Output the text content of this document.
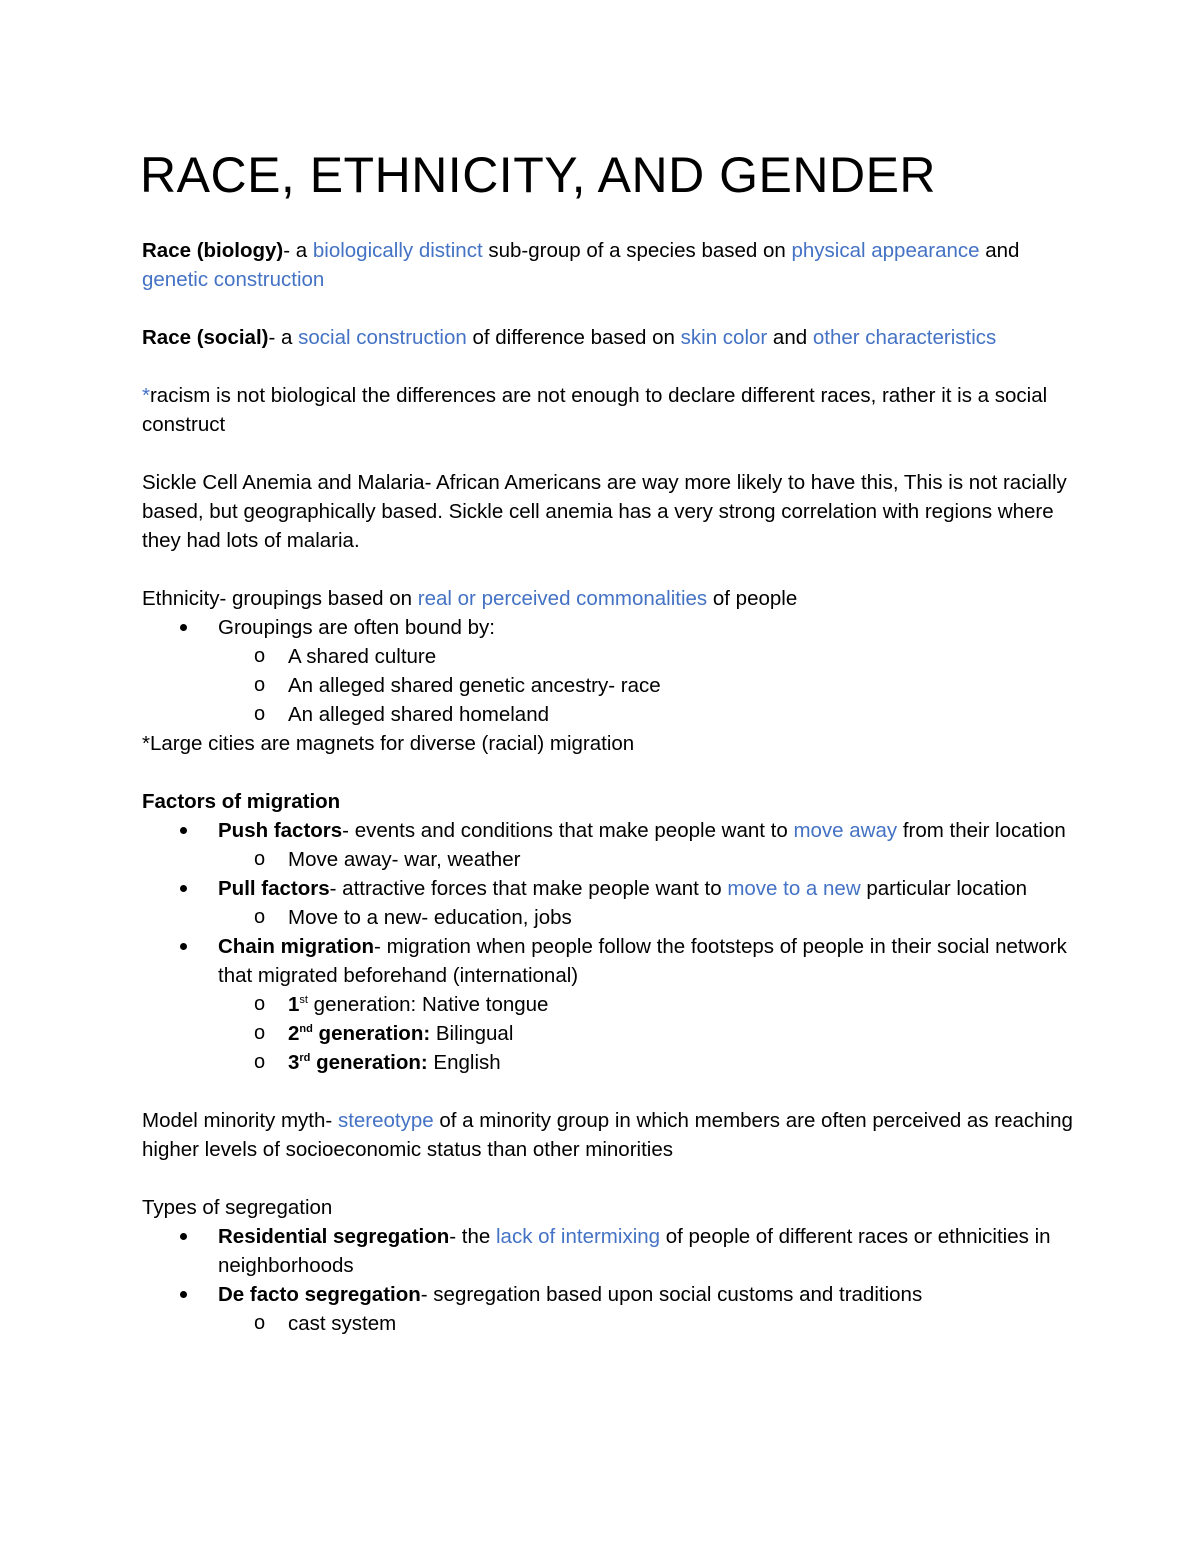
RACE, ETHNICITY, AND GENDER

Race (biology)- a biologically distinct sub-group of a species based on physical appearance and
genetic construction

Race (social)- a social construction of difference based on skin color and other characteristics

*racism is not biological the differences are not enough to declare different races, rather it is a social construct

Sickle Cell Anemia and Malaria- African Americans are way more likely to have this, This is not racially based, but geographically based. Sickle cell anemia has a very strong correlation with regions where they had lots of malaria.

Ethnicity- groupings based on real or perceived commonalities of people

Groupings are often bound by:
o A shared culture
o An alleged shared genetic ancestry- race
o An alleged shared homeland

*Large cities are magnets for diverse (racial) migration

Factors of migration

Push factors- events and conditions that make people want to move away from their location
o Move away- war, weather
Pull factors- attractive forces that make people want to move to a new particular location
o Move to a new- education, jobs
Chain migration- migration when people follow the footsteps of people in their social network that migrated beforehand (international)
o 1st generation: Native tongue
o 2nd generation: Bilingual
o 3rd generation: English

Model minority myth- stereotype of a minority group in which members are often perceived as reaching higher levels of socioeconomic status than other minorities

Types of segregation

Residential segregation- the lack of intermixing of people of different races or ethnicities in neighborhoods
De facto segregation- segregation based upon social customs and traditions
o cast system
